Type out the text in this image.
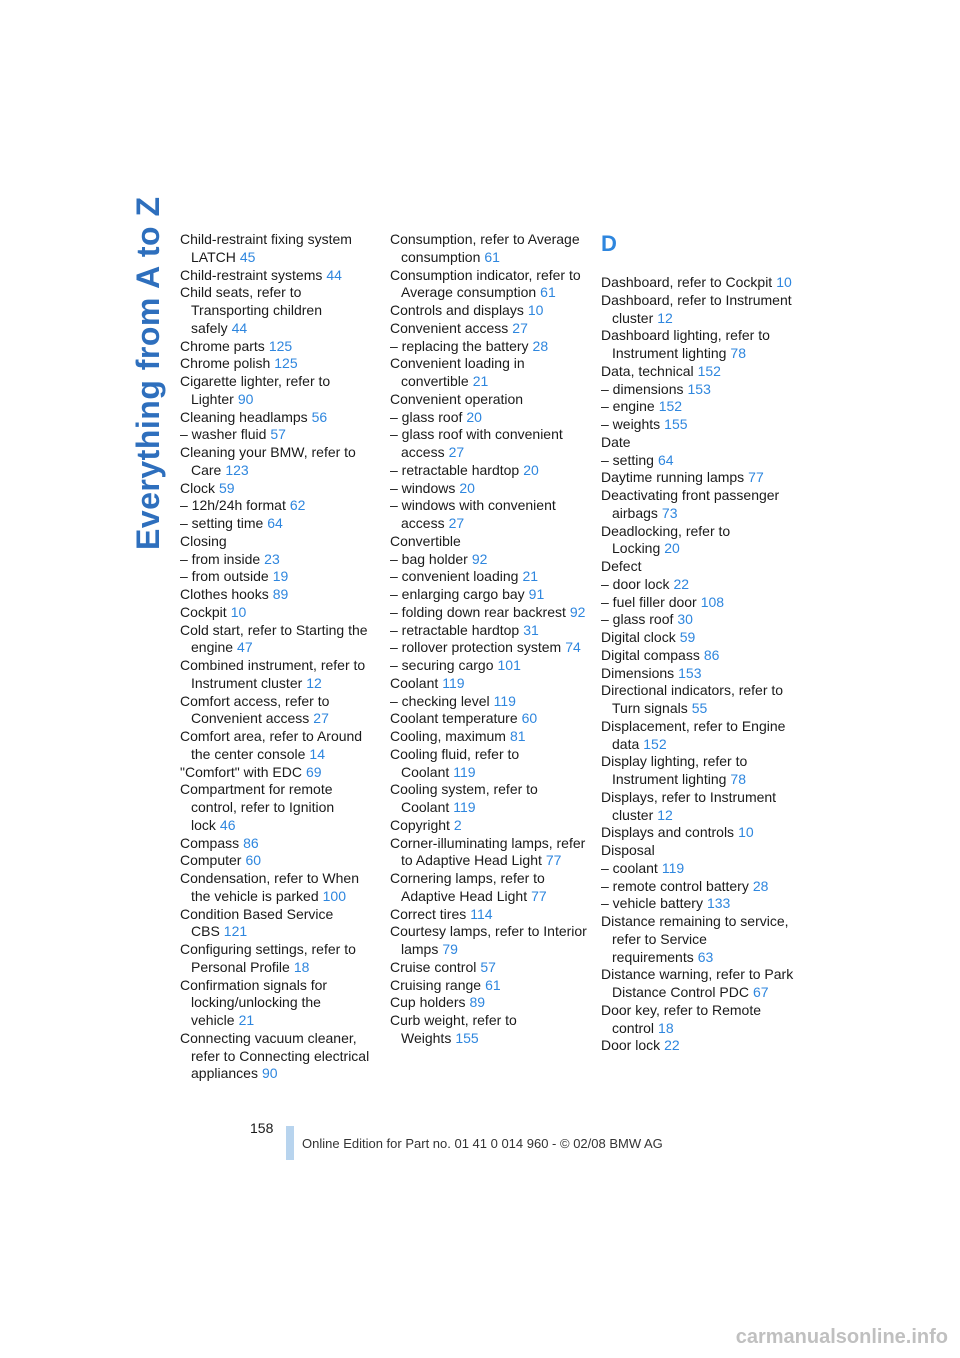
Everything from A to Z Child-restraint fixing system LATCH 45
Child-restraint systems 44
Child seats, refer to Transporting children safely 44
Chrome parts 125
Chrome polish 125
Cigarette lighter, refer to Lighter 90
Cleaning headlamps 56
– washer fluid 57
Cleaning your BMW, refer to Care 123
Clock 59
– 12h/24h format 62
– setting time 64
Closing
– from inside 23
– from outside 19
Clothes hooks 89
Cockpit 10
Cold start, refer to Starting the engine 47
Combined instrument, refer to Instrument cluster 12
Comfort access, refer to Convenient access 27
Comfort area, refer to Around the center console 14
"Comfort" with EDC 69
Compartment for remote control, refer to Ignition lock 46
Compass 86
Computer 60
Condensation, refer to When the vehicle is parked 100
Condition Based Service CBS 121
Configuring settings, refer to Personal Profile 18
Confirmation signals for locking/unlocking the vehicle 21
Connecting vacuum cleaner, refer to Connecting electrical appliances 90
Consumption, refer to Average consumption 61
Consumption indicator, refer to Average consumption 61
Controls and displays 10
Convenient access 27
– replacing the battery 28
Convenient loading in convertible 21
Convenient operation
– glass roof 20
– glass roof with convenient access 27
– retractable hardtop 20
– windows 20
– windows with convenient access 27
Convertible
– bag holder 92
– convenient loading 21
– enlarging cargo bay 91
– folding down rear backrest 92
– retractable hardtop 31
– rollover protection system 74
– securing cargo 101
Coolant 119
– checking level 119
Coolant temperature 60
Cooling, maximum 81
Cooling fluid, refer to Coolant 119
Cooling system, refer to Coolant 119
Copyright 2
Corner-illuminating lamps, refer to Adaptive Head Light 77
Cornering lamps, refer to Adaptive Head Light 77
Correct tires 114
Courtesy lamps, refer to Interior lamps 79
Cruise control 57
Cruising range 61
Cup holders 89
Curb weight, refer to Weights 155
D
Dashboard, refer to Cockpit 10
Dashboard, refer to Instrument cluster 12
Dashboard lighting, refer to Instrument lighting 78
Data, technical 152
– dimensions 153
– engine 152
– weights 155
Date
– setting 64
Daytime running lamps 77
Deactivating front passenger airbags 73
Deadlocking, refer to Locking 20
Defect
– door lock 22
– fuel filler door 108
– glass roof 30
Digital clock 59
Digital compass 86
Dimensions 153
Directional indicators, refer to Turn signals 55
Displacement, refer to Engine data 152
Display lighting, refer to Instrument lighting 78
Displays, refer to Instrument cluster 12
Displays and controls 10
Disposal
– coolant 119
– remote control battery 28
– vehicle battery 133
Distance remaining to service, refer to Service requirements 63
Distance warning, refer to Park Distance Control PDC 67
Door key, refer to Remote control 18
Door lock 22
158
Online Edition for Part no. 01 41 0 014 960 - © 02/08 BMW AG
carmanualsonline.info
